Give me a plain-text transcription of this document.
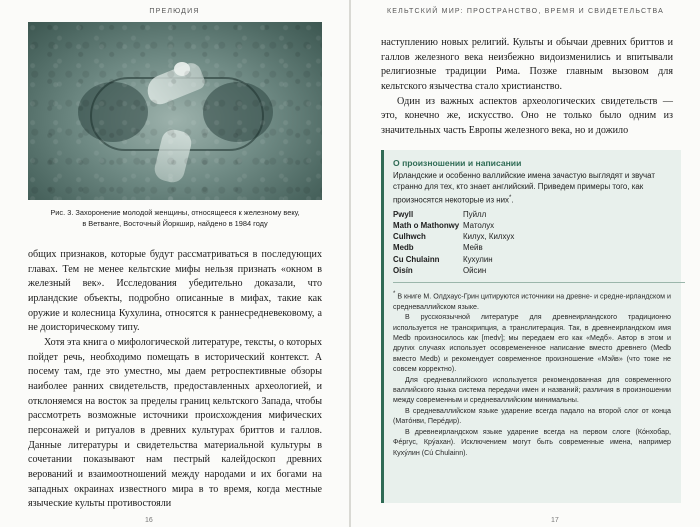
ПРЕЛЮДИЯ
Рис. 3. Захоронение молодой женщины, относящееся к железному веку,
в Ветванге, Восточный Йоркшир, найдено в 1984 году

общих признаков, которые будут рассматриваться в последующих главах. Тем не менее кельтские мифы нельзя признать «окном в железный век». Исследования убедительно доказали, что ирландские объекты, подробно описанные в мифах, такие как оружие и колесница Кухулина, относятся к раннесредневековому, а не доисторическому типу.

Хотя эта книга о мифологической литературе, тексты, о которых пойдет речь, необходимо помещать в исторический контекст. А посему там, где это уместно, мы даем ретроспективные обзоры наиболее ранних свидетельств, предоставленных археологией, и отклоняемся на восток за пределы границ кельтского Запада, чтобы рассмотреть возможные источники происхождения мифических персонажей и ритуалов в древних культурах бриттов и галлов. Данные литературы и свидетельства материальной культуры в сочетании показывают нам пестрый калейдоскоп древних верований и взаимоотношений между народами и их богами на западных окраинах известного мира в то время, когда местные языческие культы противостояли

16
КЕЛЬТСКИЙ МИР: ПРОСТРАНСТВО, ВРЕМЯ И СВИДЕТЕЛЬСТВА

наступлению новых религий. Культы и обычаи древних бриттов и галлов железного века неизбежно видоизменились и впитывали религиозные традиции Рима. Позже главным вызовом для кельтского язычества стало христианство.

Один из важных аспектов археологических свидетельств — это, конечно же, искусство. Оно не только было одним из значительных часть Европы железного века, но и дожило

О произношении и написании
Ирландские и особенно валлийские имена зачастую выглядят и звучат странно для тех, кто знает английский. Приведем примеры того, как произносятся некоторые из них*.
Pwyll	Пуйлл
Math o Mathonwy	Матолух
Culhwch	Килух, Килхух
Medb	Мейв
Cu Chulainn	Кухулин
Oisín	Ойсин

* В книге М. Олдхаус-Грин цитируются источники на древне- и средне-ирландском и средневаллийском языке.

В русскоязычной литературе для древнеирландского традиционно используется не транскрипция, а транслитерация. Так, в древнеирландском имя Medb произносилось как [medv]; мы передаем его как «Медб». Автор в этом и других случаях использует осовремененное написание вместо древнего (Medb вместо Medb) и рекомендует современное произношение «Мэйв» (что тоже не совсем корректно).

Для средневаллийского используется рекомендованная для современного валлийского языка система передачи имен и названий; различия в произношении между современным и средневаллийским минимальны.

В средневаллийском языке ударение всегда падало на второй слог от конца (Матóнви, Перéдир).

В древнеирландском языке ударение всегда на первом слоге (Кóнхобар, Фéргус, Крýахан). Исключением могут быть современные имена, например Кухýлин (Cú Chulainn).

17
